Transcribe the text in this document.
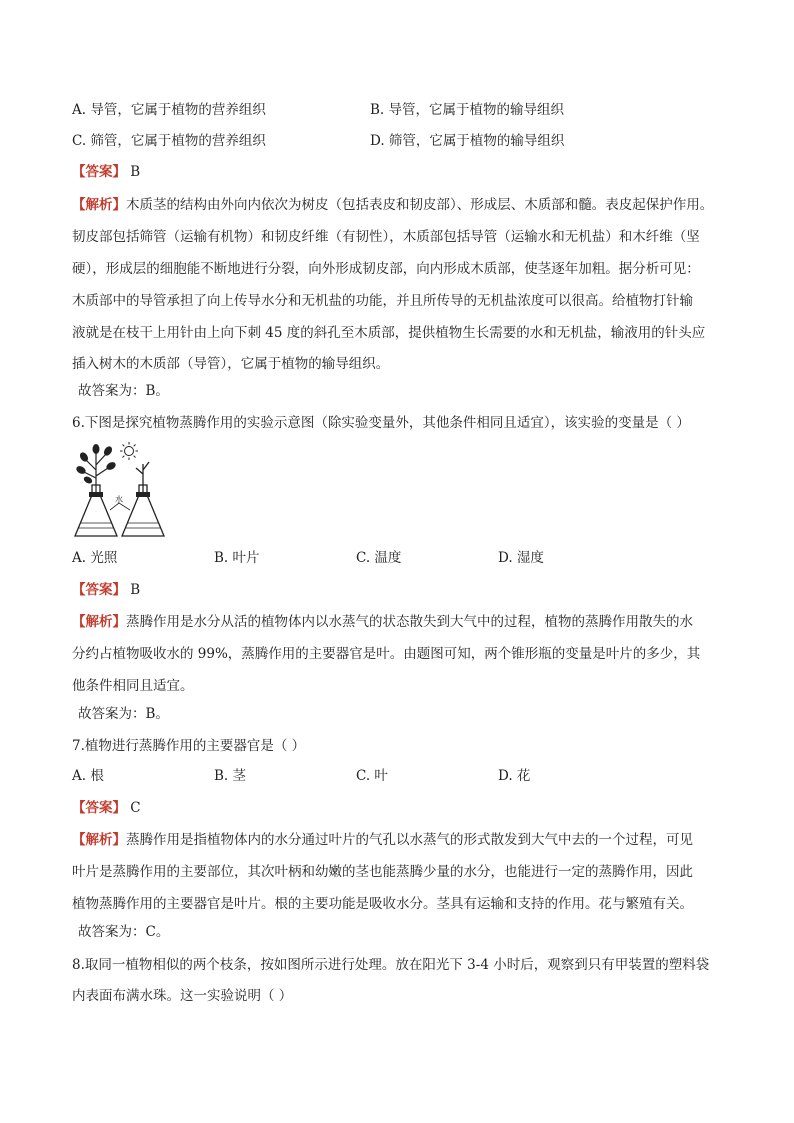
A. 导管，它属于植物的营养组织	B. 导管，它属于植物的输导组织
C. 筛管，它属于植物的营养组织	D. 筛管，它属于植物的输导组织
【答案】 B
【解析】木质茎的结构由外向内依次为树皮（包括表皮和韧皮部）、形成层、木质部和髓。表皮起保护作用。
韧皮部包括筛管（运输有机物）和韧皮纤维（有韧性），木质部包括导管（运输水和无机盐）和木纤维（坚
硬），形成层的细胞能不断地进行分裂，向外形成韧皮部，向内形成木质部，使茎逐年加粗。据分析可见：
木质部中的导管承担了向上传导水分和无机盐的功能，并且所传导的无机盐浓度可以很高。给植物打针输
液就是在枝干上用针由上向下刺 45 度的斜孔至木质部，提供植物生长需要的水和无机盐，输液用的针头应
插入树木的木质部（导管），它属于植物的输导组织。
故答案为：B。
6.下图是探究植物蒸腾作用的实验示意图（除实验变量外，其他条件相同且适宜），该实验的变量是（ ）
水
A. 光照	B. 叶片	C. 温度	D. 湿度
【答案】 B
【解析】蒸腾作用是水分从活的植物体内以水蒸气的状态散失到大气中的过程，植物的蒸腾作用散失的水
分约占植物吸收水的 99%，蒸腾作用的主要器官是叶。由题图可知，两个锥形瓶的变量是叶片的多少，其
他条件相同且适宜。
故答案为：B。
7.植物进行蒸腾作用的主要器官是（ ）
A. 根	B. 茎	C. 叶	D. 花
【答案】 C
【解析】蒸腾作用是指植物体内的水分通过叶片的气孔以水蒸气的形式散发到大气中去的一个过程，可见
叶片是蒸腾作用的主要部位，其次叶柄和幼嫩的茎也能蒸腾少量的水分，也能进行一定的蒸腾作用，因此
植物蒸腾作用的主要器官是叶片。根的主要功能是吸收水分。茎具有运输和支持的作用。花与繁殖有关。
故答案为：C。
8.取同一植物相似的两个枝条，按如图所示进行处理。放在阳光下 3-4 小时后，观察到只有甲装置的塑料袋
内表面布满水珠。这一实验说明（ ）
